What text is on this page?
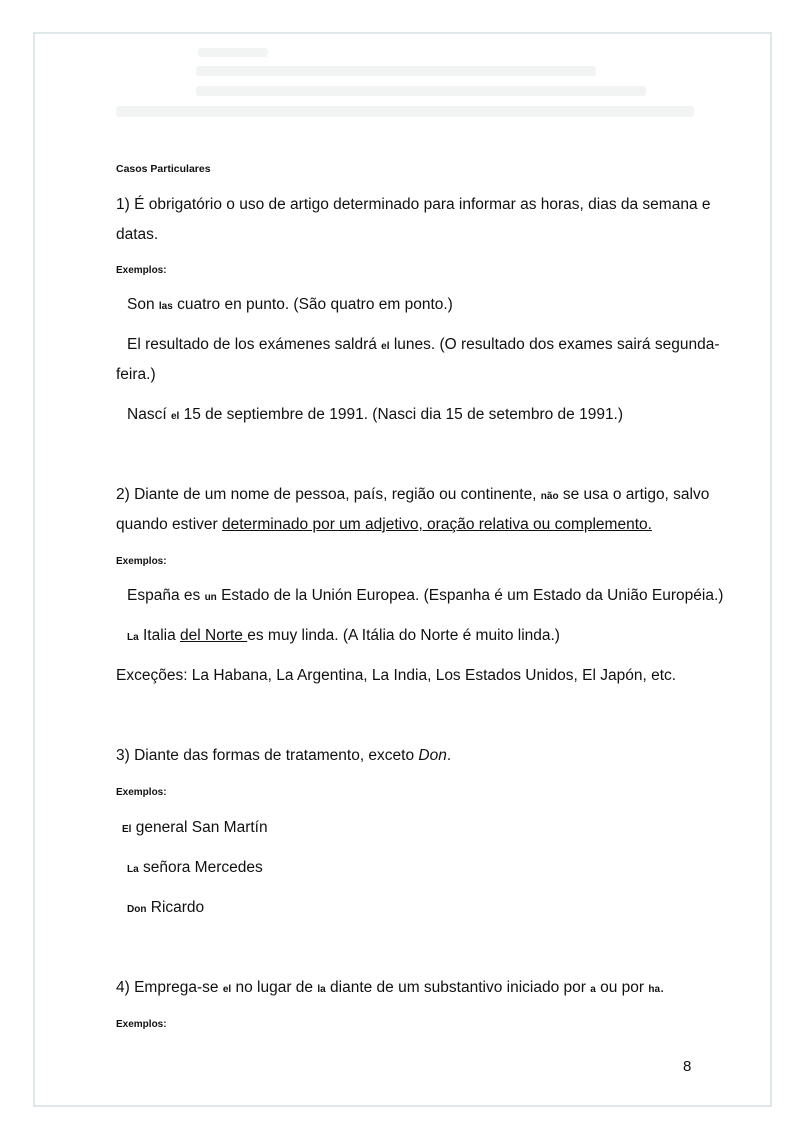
Casos Particulares
1) É obrigatório o uso de artigo determinado para informar as horas, dias da semana e
datas.
Exemplos:
Son las cuatro en punto. (São quatro em ponto.)
El resultado de los exámenes saldrá el lunes. (O resultado dos exames sairá segunda-
feira.)
Nascí el 15 de septiembre de 1991. (Nasci dia 15 de setembro de 1991.)
2) Diante de um nome de pessoa, país, região ou continente, não se usa o artigo, salvo
quando estiver determinado por um adjetivo, oração relativa ou complemento.
Exemplos:
España es un Estado de la Unión Europea. (Espanha é um Estado da União Européia.)
La Italia del Norte es muy linda. (A Itália do Norte é muito linda.)
Exceções: La Habana, La Argentina, La India, Los Estados Unidos, El Japón, etc.
3) Diante das formas de tratamento, exceto Don.
Exemplos:
El general San Martín
La señora Mercedes
Don Ricardo
4) Emprega-se el no lugar de la diante de um substantivo iniciado por a ou por ha.
Exemplos:
8
